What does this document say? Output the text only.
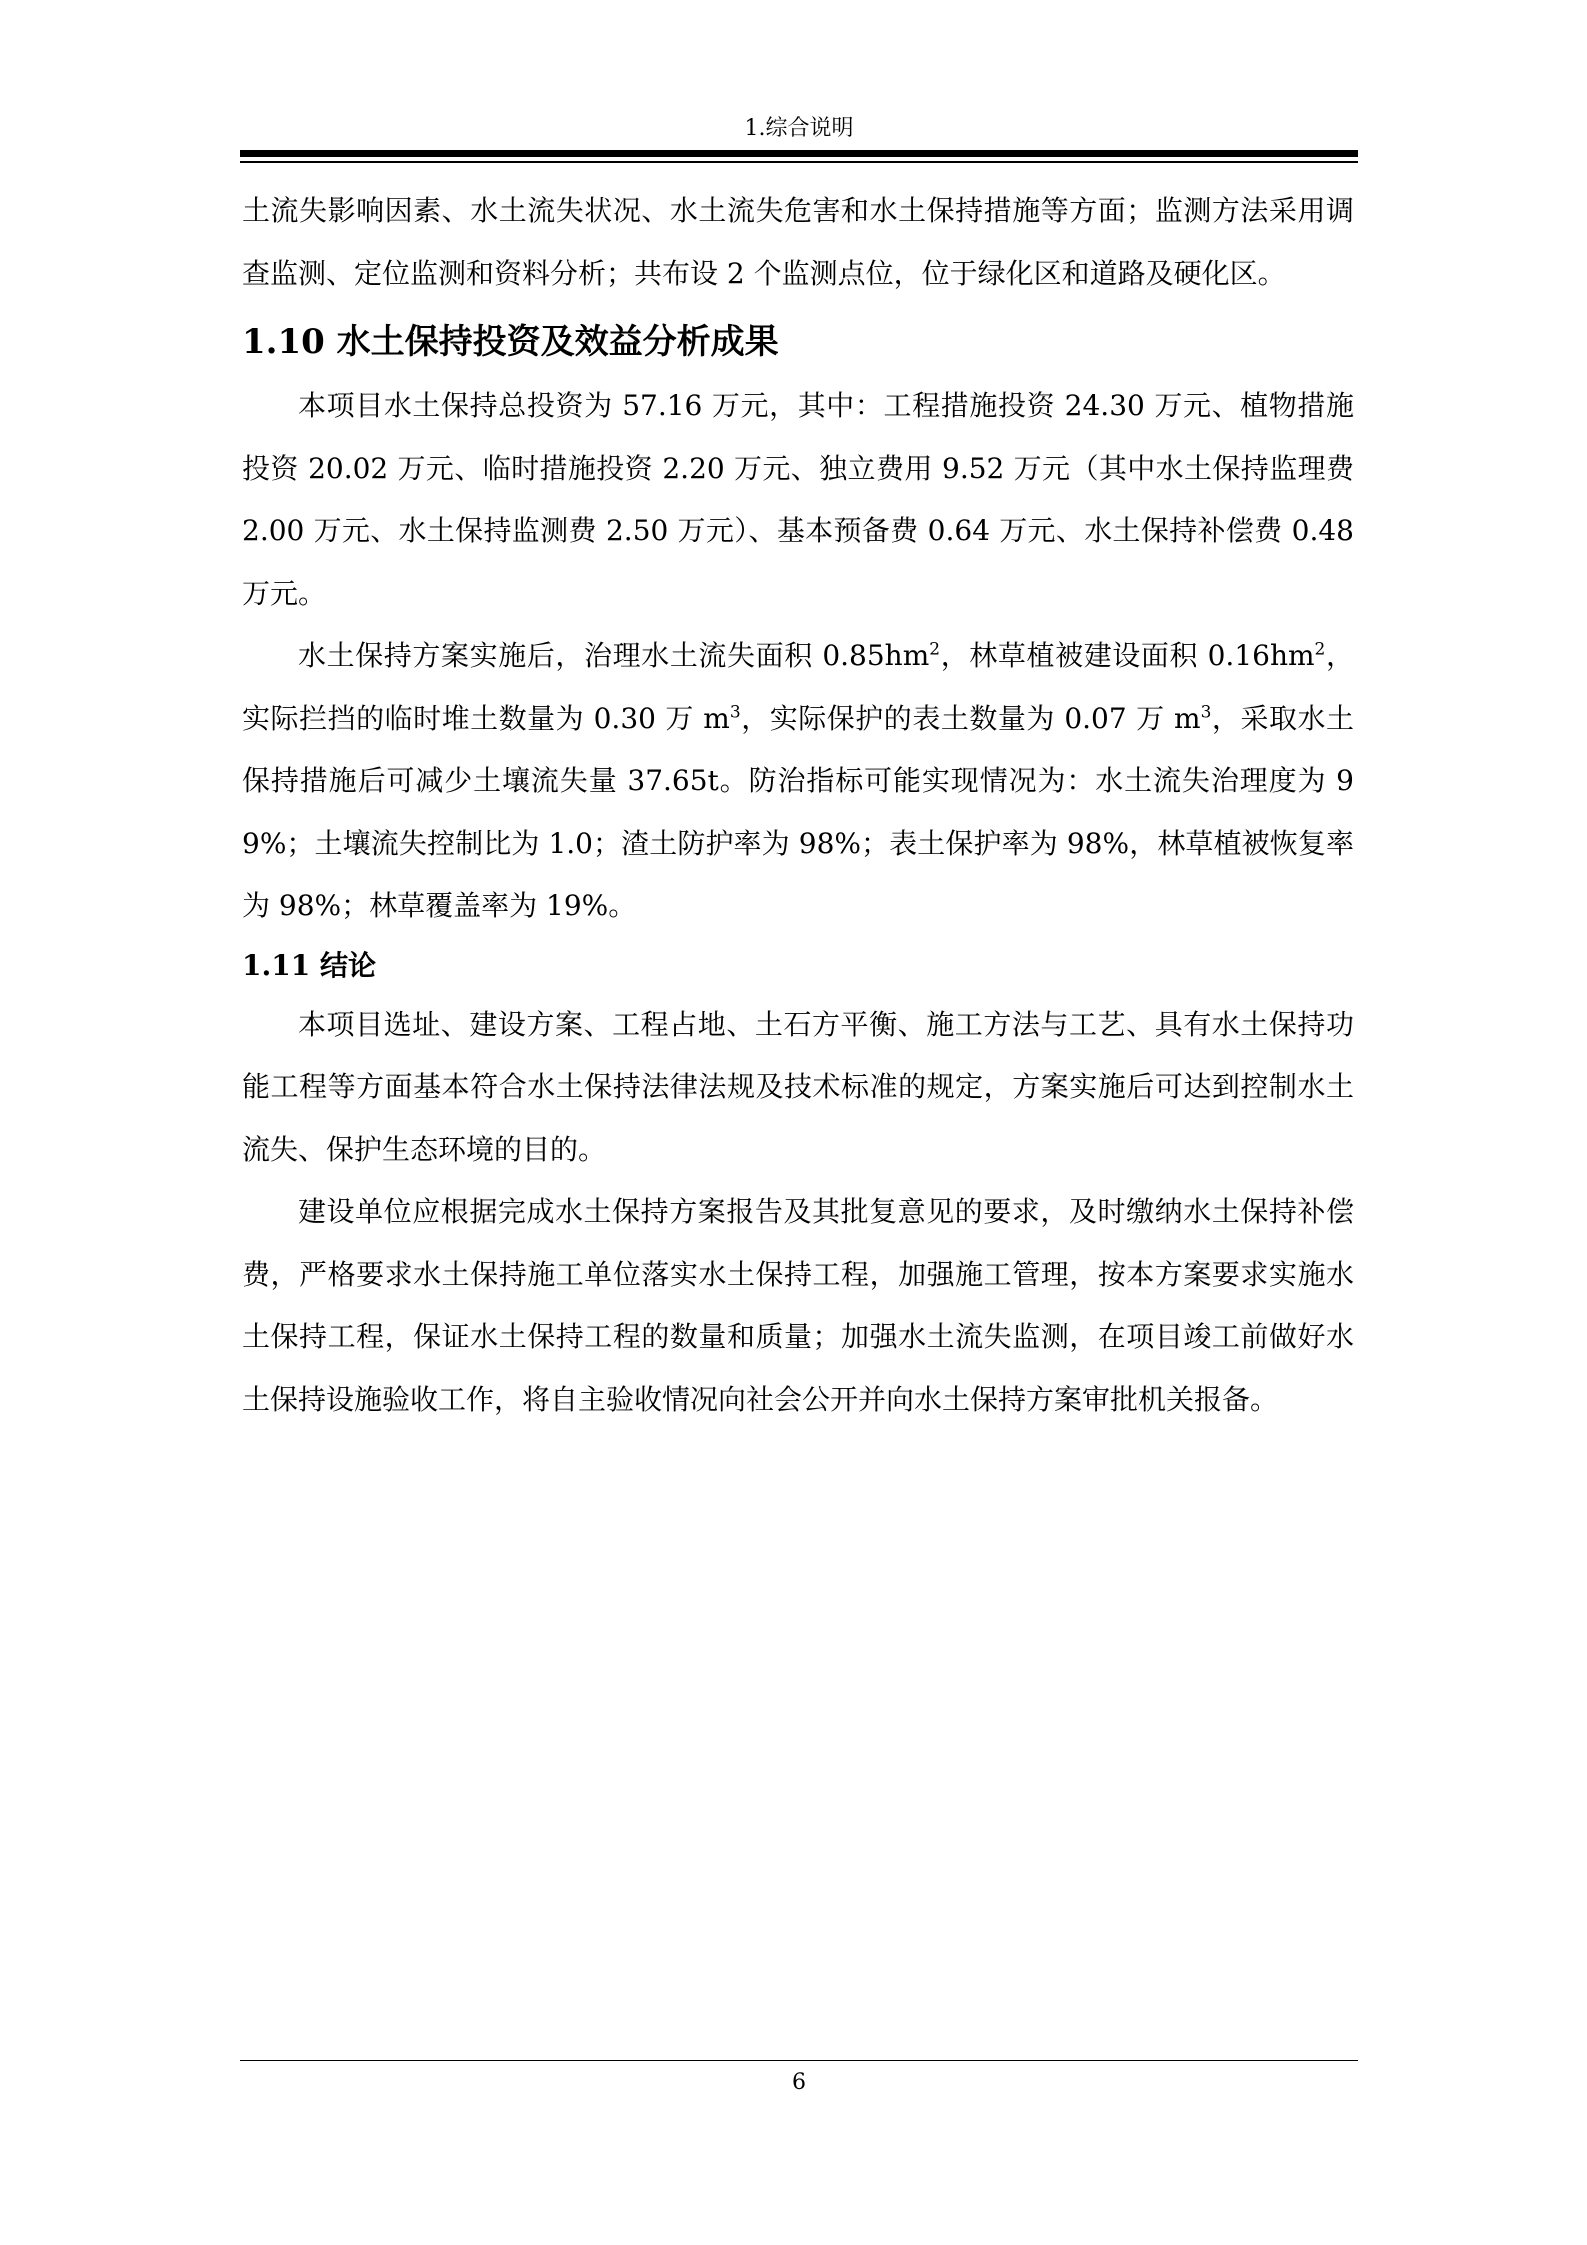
1.综合说明

土流失影响因素、水土流失状况、水土流失危害和水土保持措施等方面；监测方法采用调查监测、定位监测和资料分析；共布设 2 个监测点位，位于绿化区和道路及硬化区。

1.10 水土保持投资及效益分析成果

本项目水土保持总投资为 57.16 万元，其中：工程措施投资 24.30 万元、植物措施投资 20.02 万元、临时措施投资 2.20 万元、独立费用 9.52 万元（其中水土保持监理费 2.00 万元、水土保持监测费 2.50 万元）、基本预备费 0.64 万元、水土保持补偿费 0.48 万元。

水土保持方案实施后，治理水土流失面积 $0.85hm^2$，林草植被建设面积 $0.16hm^2$，实际拦挡的临时堆土数量为 0.30 万 $m^3$，实际保护的表土数量为 0.07 万 $m^3$，采取水土保持措施后可减少土壤流失量 37.65t。防治指标可能实现情况为：水土流失治理度为 99%；土壤流失控制比为 1.0；渣土防护率为 98%；表土保护率为 98%，林草植被恢复率为 98%；林草覆盖率为 19%。

1.11 结论

本项目选址、建设方案、工程占地、土石方平衡、施工方法与工艺、具有水土保持功能工程等方面基本符合水土保持法律法规及技术标准的规定，方案实施后可达到控制水土流失、保护生态环境的目的。

建设单位应根据完成水土保持方案报告及其批复意见的要求，及时缴纳水土保持补偿费，严格要求水土保持施工单位落实水土保持工程，加强施工管理，按本方案要求实施水土保持工程，保证水土保持工程的数量和质量；加强水土流失监测，在项目竣工前做好水土保持设施验收工作，将自主验收情况向社会公开并向水土保持方案审批机关报备。

6
